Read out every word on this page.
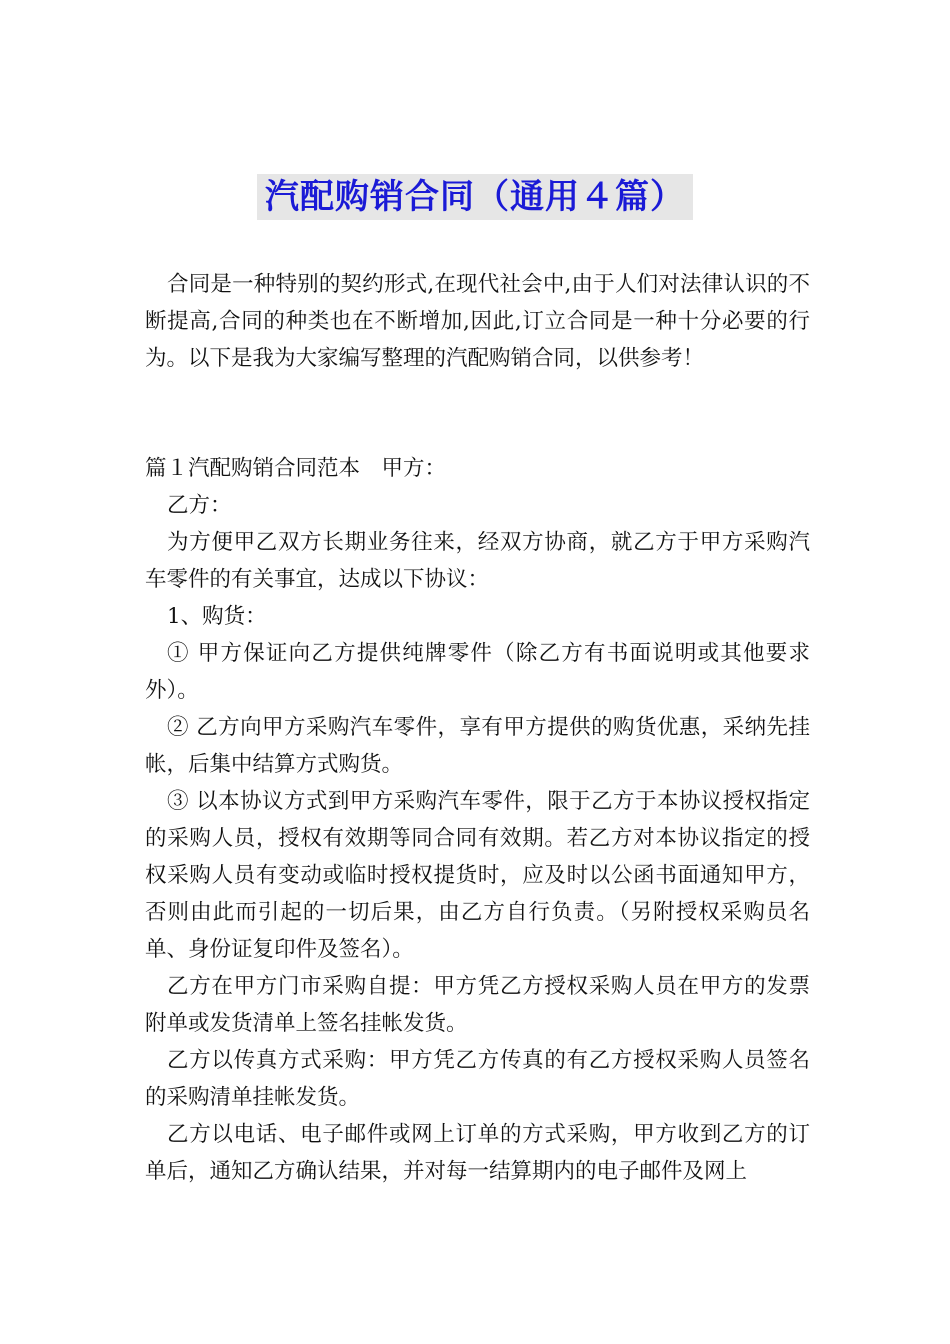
汽配购销合同（通用４篇）

合同是一种特别的契约形式,在现代社会中,由于人们对法律认识的不断提高,合同的种类也在不断增加,因此,订立合同是一种十分必要的行为。以下是我为大家编写整理的汽配购销合同，以供参考！

篇１汽配购销合同范本　甲方：

乙方：

为方便甲乙双方长期业务往来，经双方协商，就乙方于甲方采购汽车零件的有关事宜，达成以下协议：

1、购货：

① 甲方保证向乙方提供纯牌零件（除乙方有书面说明或其他要求外）。

② 乙方向甲方采购汽车零件，享有甲方提供的购货优惠，采纳先挂帐，后集中结算方式购货。

③ 以本协议方式到甲方采购汽车零件，限于乙方于本协议授权指定的采购人员，授权有效期等同合同有效期。若乙方对本协议指定的授权采购人员有变动或临时授权提货时，应及时以公函书面通知甲方，否则由此而引起的一切后果，由乙方自行负责。（另附授权采购员名单、身份证复印件及签名）。

乙方在甲方门市采购自提：甲方凭乙方授权采购人员在甲方的发票附单或发货清单上签名挂帐发货。

乙方以传真方式采购：甲方凭乙方传真的有乙方授权采购人员签名的采购清单挂帐发货。

乙方以电话、电子邮件或网上订单的方式采购，甲方收到乙方的订单后，通知乙方确认结果，并对每一结算期内的电子邮件及网上
